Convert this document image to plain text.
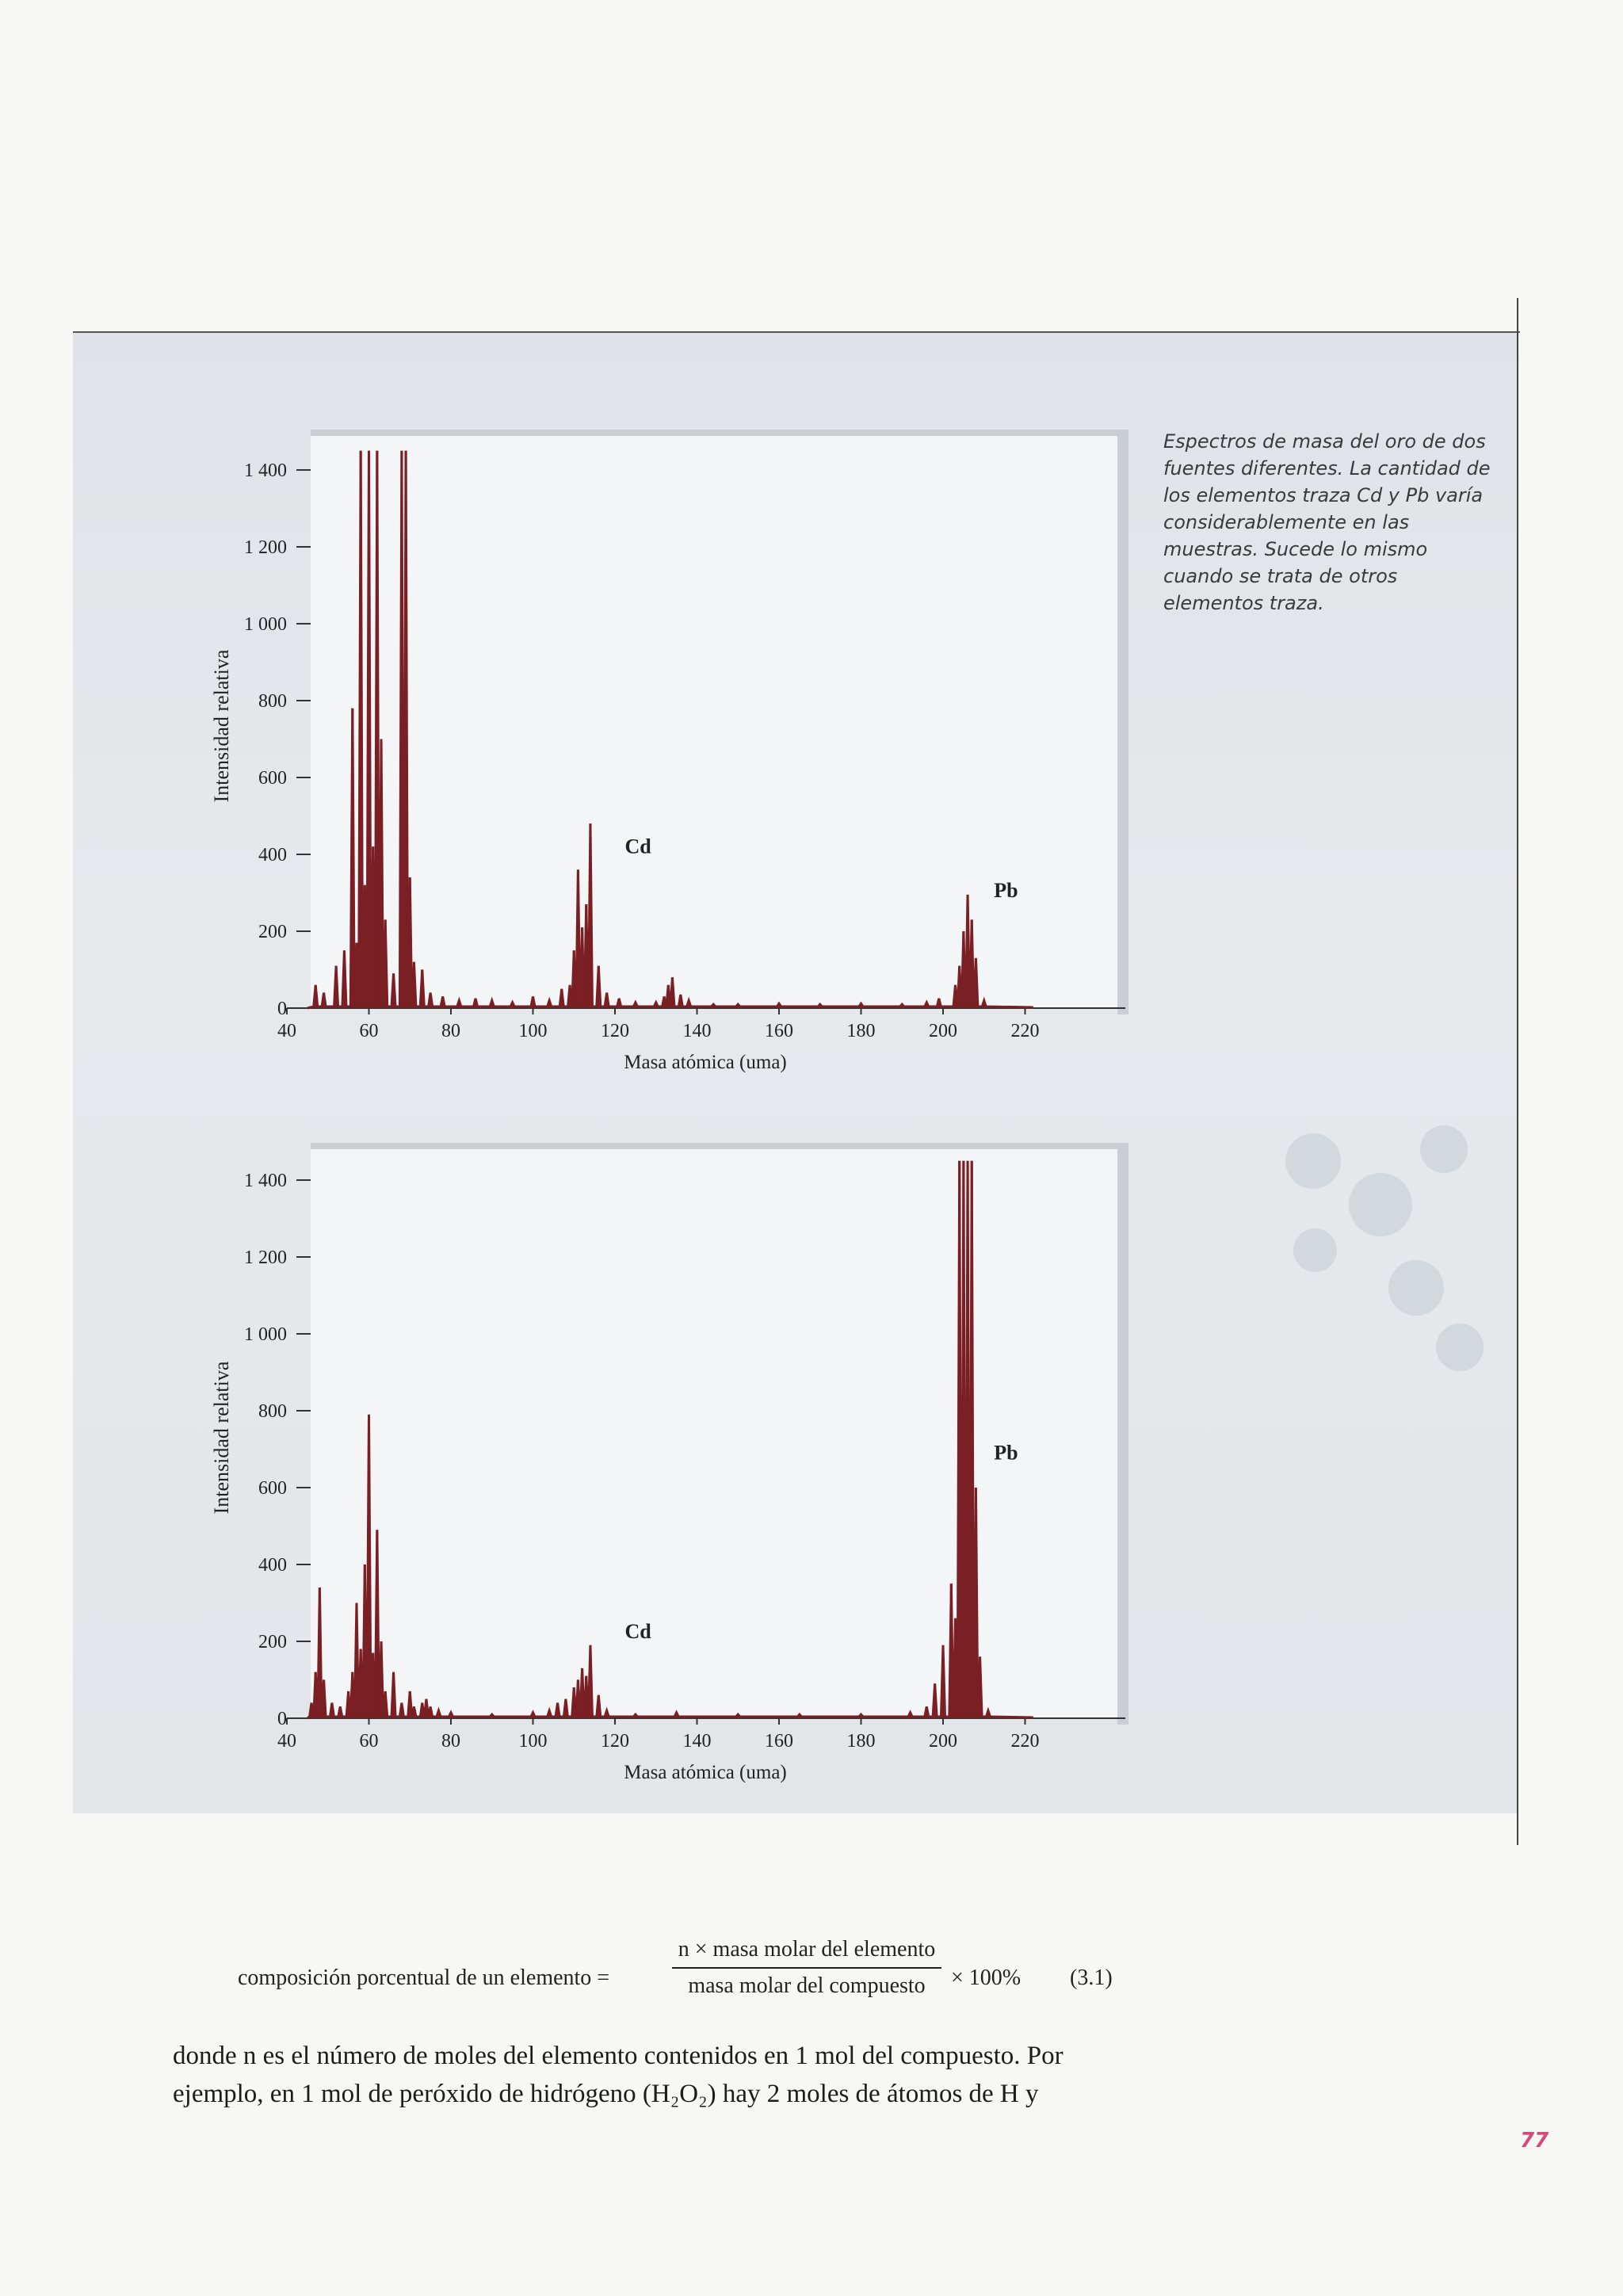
0
200
400
600
800
1 000
1 200
1 400
40	60	80	100	120	140	160	180	200	220
Masa atómica (uma)
Intensidad relativa
Cd
Pb
0
200
400
600
800
1 000
1 200
1 400
40	60	80	100	120	140	160	180	200	220
Masa atómica (uma)
Intensidad relativa
Cd
Pb
Espectros de masa del oro de dos fuentes diferentes. La cantidad de los elementos traza Cd y Pb varía considerablemente en las muestras. Sucede lo mismo cuando se trata de otros elementos traza.
composición porcentual de un elemento =
n × masa molar del elemento
masa molar del compuesto	× 100% (3.1)

donde n es el número de moles del elemento contenidos en 1 mol del compuesto. Por

ejemplo, en 1 mol de peróxido de hidrógeno (H₂O₂) hay 2 moles de átomos de H y

77
